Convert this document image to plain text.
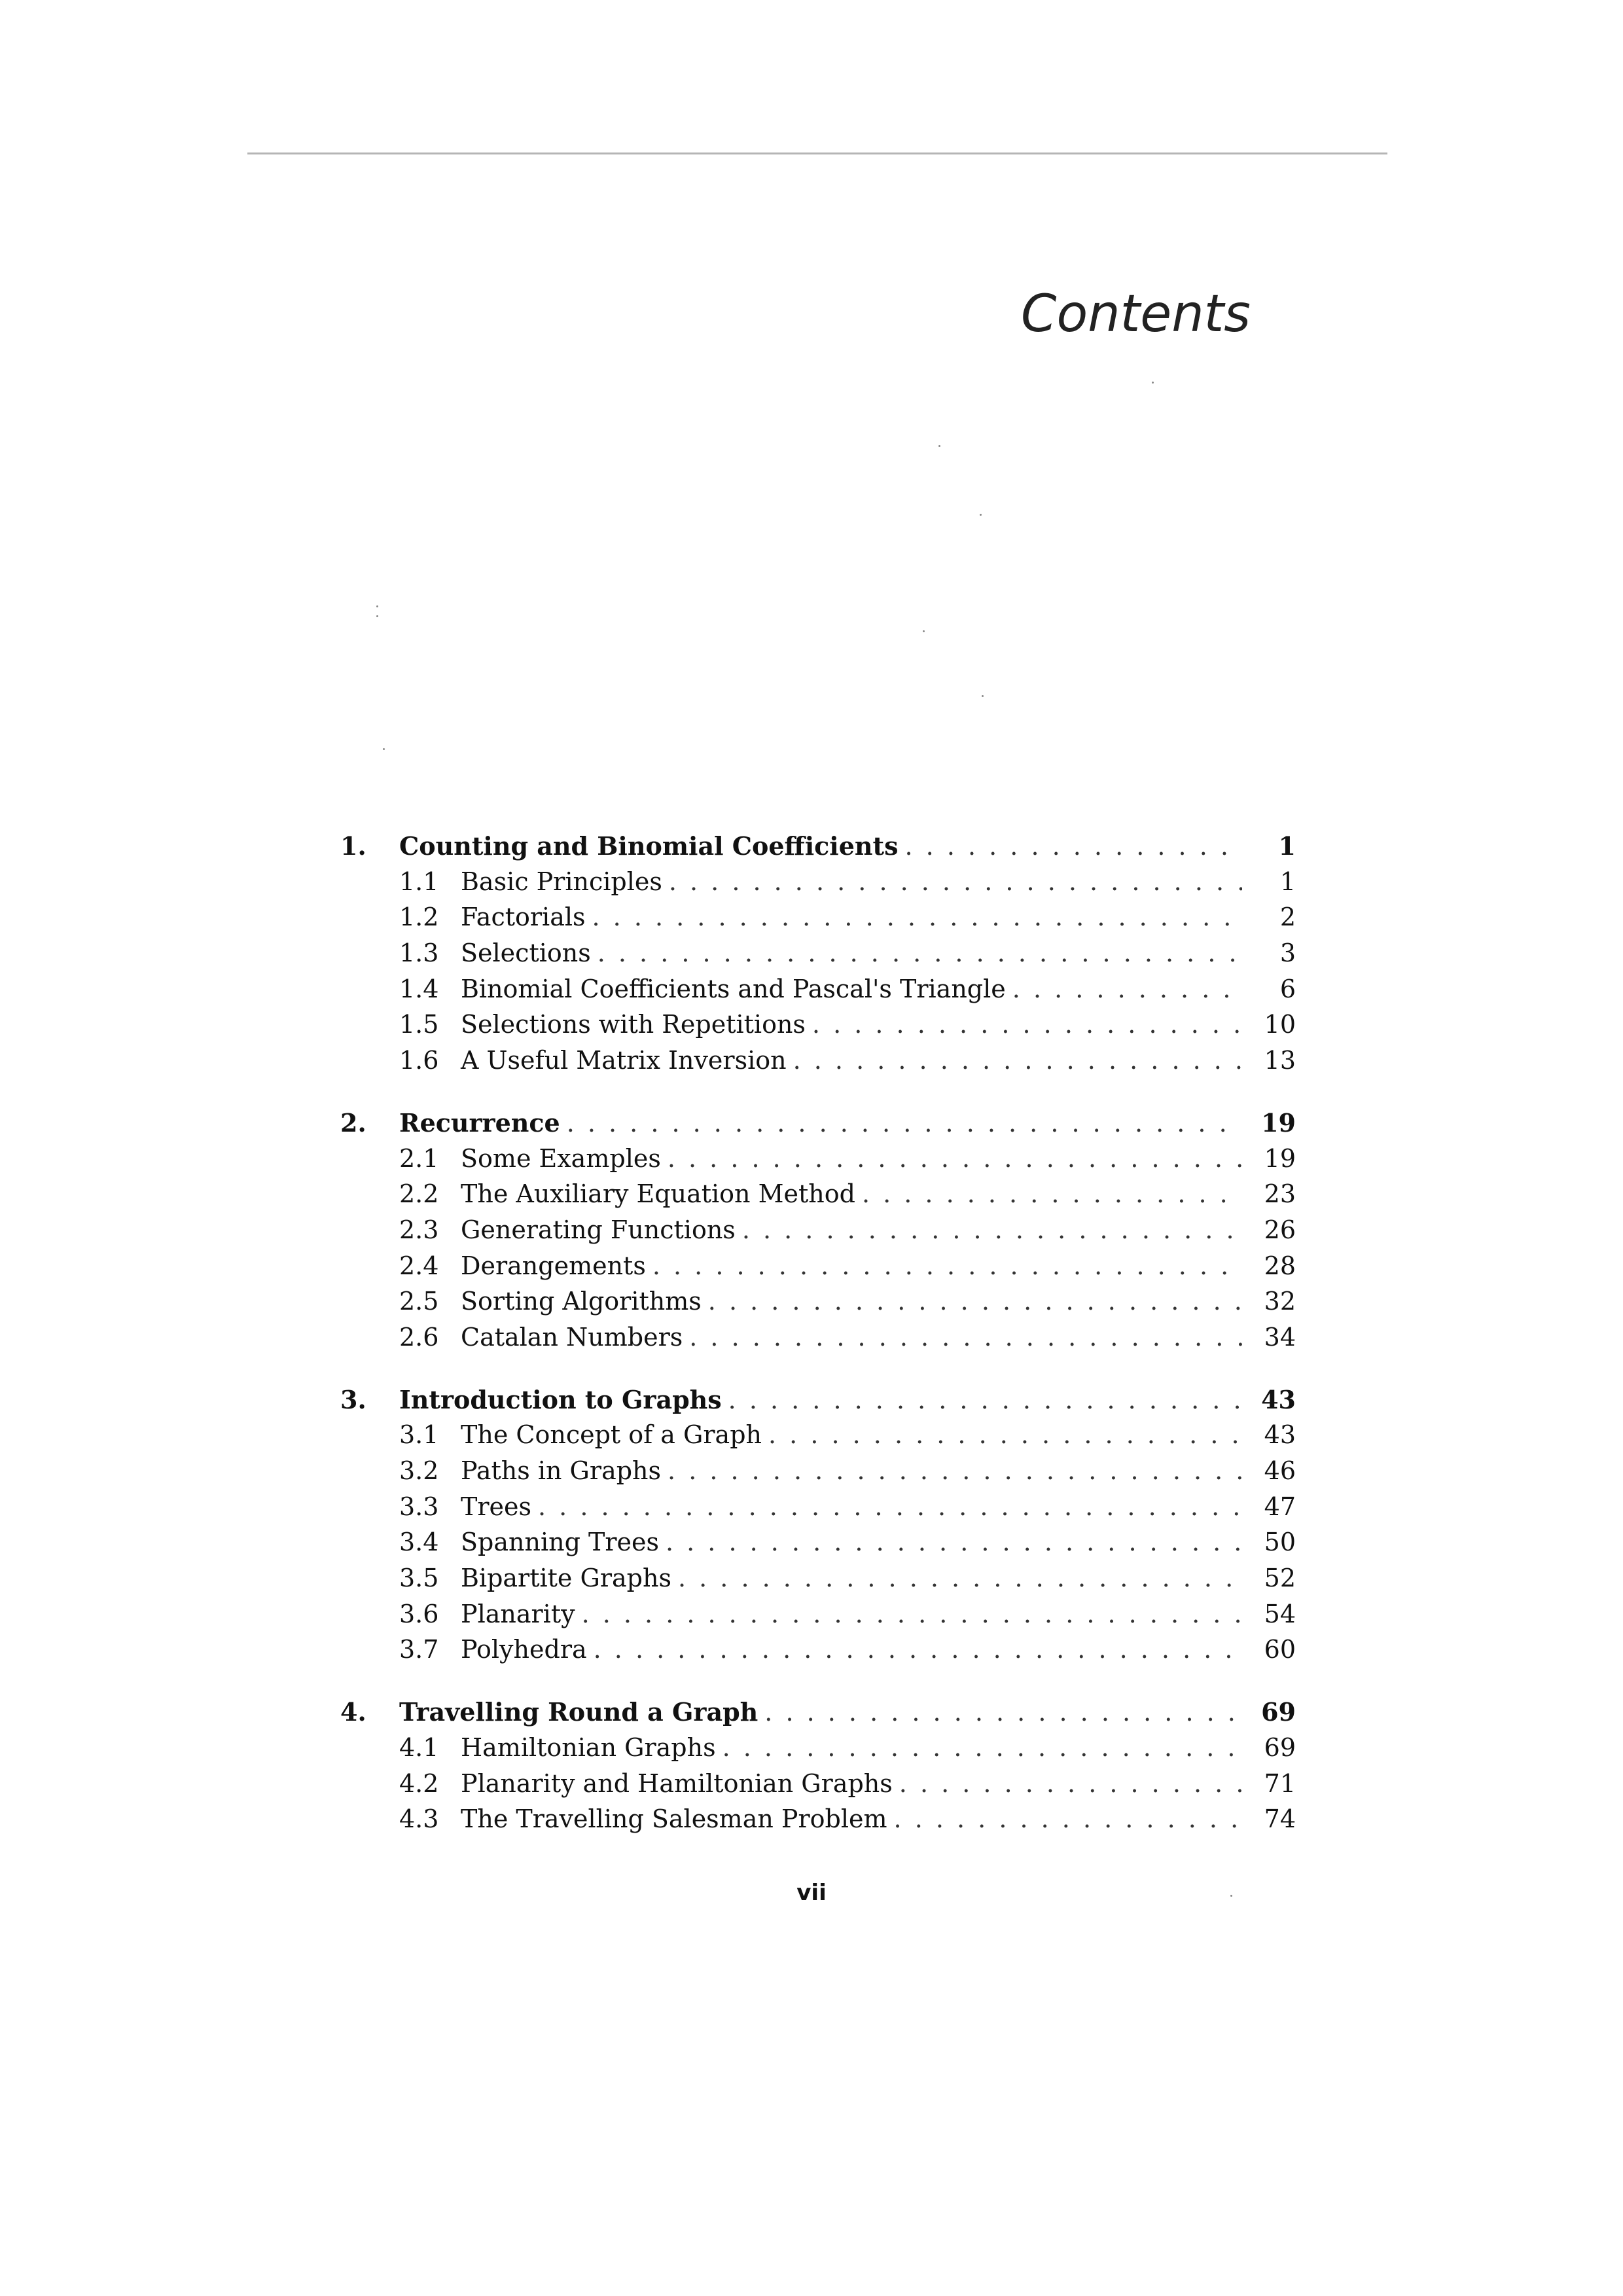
Contents
1.	Counting and Binomial Coefficients . . .	1
1.1 Basic Principles . . .	1
1.2 Factorials . . .	2
1.3 Selections . . .	3
1.4 Binomial Coefficients and Pascal's Triangle . . .	6
1.5 Selections with Repetitions . . .	10
1.6 A Useful Matrix Inversion . . .	13
2.	Recurrence . . .	19
2.1 Some Examples . . .	19
2.2 The Auxiliary Equation Method . . .	23
2.3 Generating Functions . . .	26
2.4 Derangements . . .	28
2.5 Sorting Algorithms . . .	32
2.6 Catalan Numbers . . .	34
3.	Introduction to Graphs . . .	43
3.1 The Concept of a Graph . . .	43
3.2 Paths in Graphs . . .	46
3.3 Trees . . .	47
3.4 Spanning Trees . . .	50
3.5 Bipartite Graphs . . .	52
3.6 Planarity . . .	54
3.7 Polyhedra . . .	60
4.	Travelling Round a Graph . . .	69
4.1 Hamiltonian Graphs . . .	69
4.2 Planarity and Hamiltonian Graphs . . .	71
4.3 The Travelling Salesman Problem . . .	74
vii
